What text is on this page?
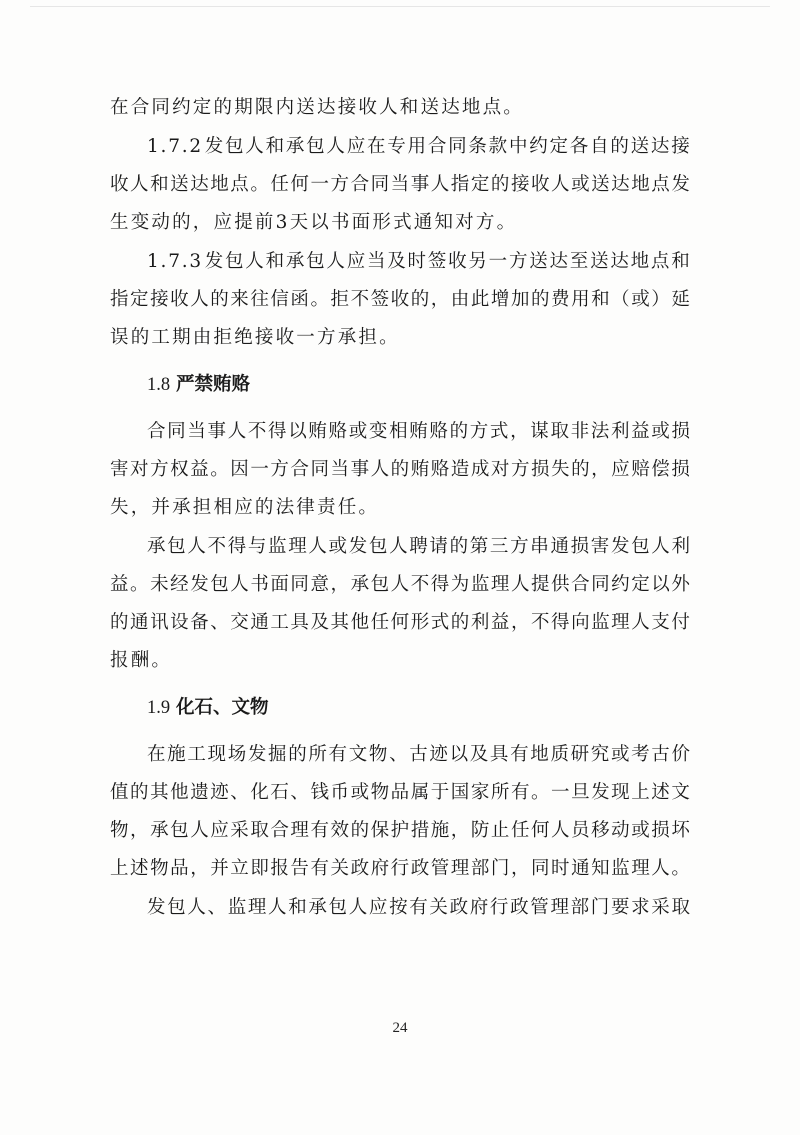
在合同约定的期限内送达接收人和送达地点。
1 . 7 . 2 发 包 人 和 承 包 人 应 在 专 用 合 同 条 款 中 约 定 各 自 的 送 达 接
收 人 和 送 达 地 点 。 任 何 一 方 合 同 当 事 人 指 定 的 接 收 人 或 送 达 地 点 发
生变动的，应提前3天以书面形式通知对方。
1 . 7 . 3 发 包 人 和 承 包 人 应 当 及 时 签 收 另 一 方 送 达 至 送 达 地 点 和
指 定 接 收 人 的 来 往 信 函 。 拒 不 签 收 的 ， 由 此 增 加 的 费 用 和 （ 或 ） 延
误的工期由拒绝接收一方承担。
1.8 严禁贿赂
合 同 当 事 人 不 得 以 贿 赂 或 变 相 贿 赂 的 方 式 ， 谋 取 非 法 利 益 或 损
害 对 方 权 益 。 因 一 方 合 同 当 事 人 的 贿 赂 造 成 对 方 损 失 的 ， 应 赔 偿 损
失，并承担相应的法律责任。
承 包 人 不 得 与 监 理 人 或 发 包 人 聘 请 的 第 三 方 串 通 损 害 发 包 人 利
益 。 未 经 发 包 人 书 面 同 意 ， 承 包 人 不 得 为 监 理 人 提 供 合 同 约 定 以 外
的 通 讯 设 备 、 交 通 工 具 及 其 他 任 何 形 式 的 利 益 ， 不 得 向 监 理 人 支 付
报酬。
1.9 化石、文物
在 施 工 现 场 发 掘 的 所 有 文 物 、 古 迹 以 及 具 有 地 质 研 究 或 考 古 价
值 的 其 他 遗 迹 、 化 石 、 钱 币 或 物 品 属 于 国 家 所 有 。 一 旦 发 现 上 述 文
物 ， 承 包 人 应 采 取 合 理 有 效 的 保 护 措 施 ， 防 止 任 何 人 员 移 动 或 损 坏
上 述 物 品 ， 并 立 即 报 告 有 关 政 府 行 政 管 理 部 门 ， 同 时 通 知 监 理 人 。
发 包 人 、 监 理 人 和 承 包 人 应 按 有 关 政 府 行 政 管 理 部 门 要 求 采 取
24
